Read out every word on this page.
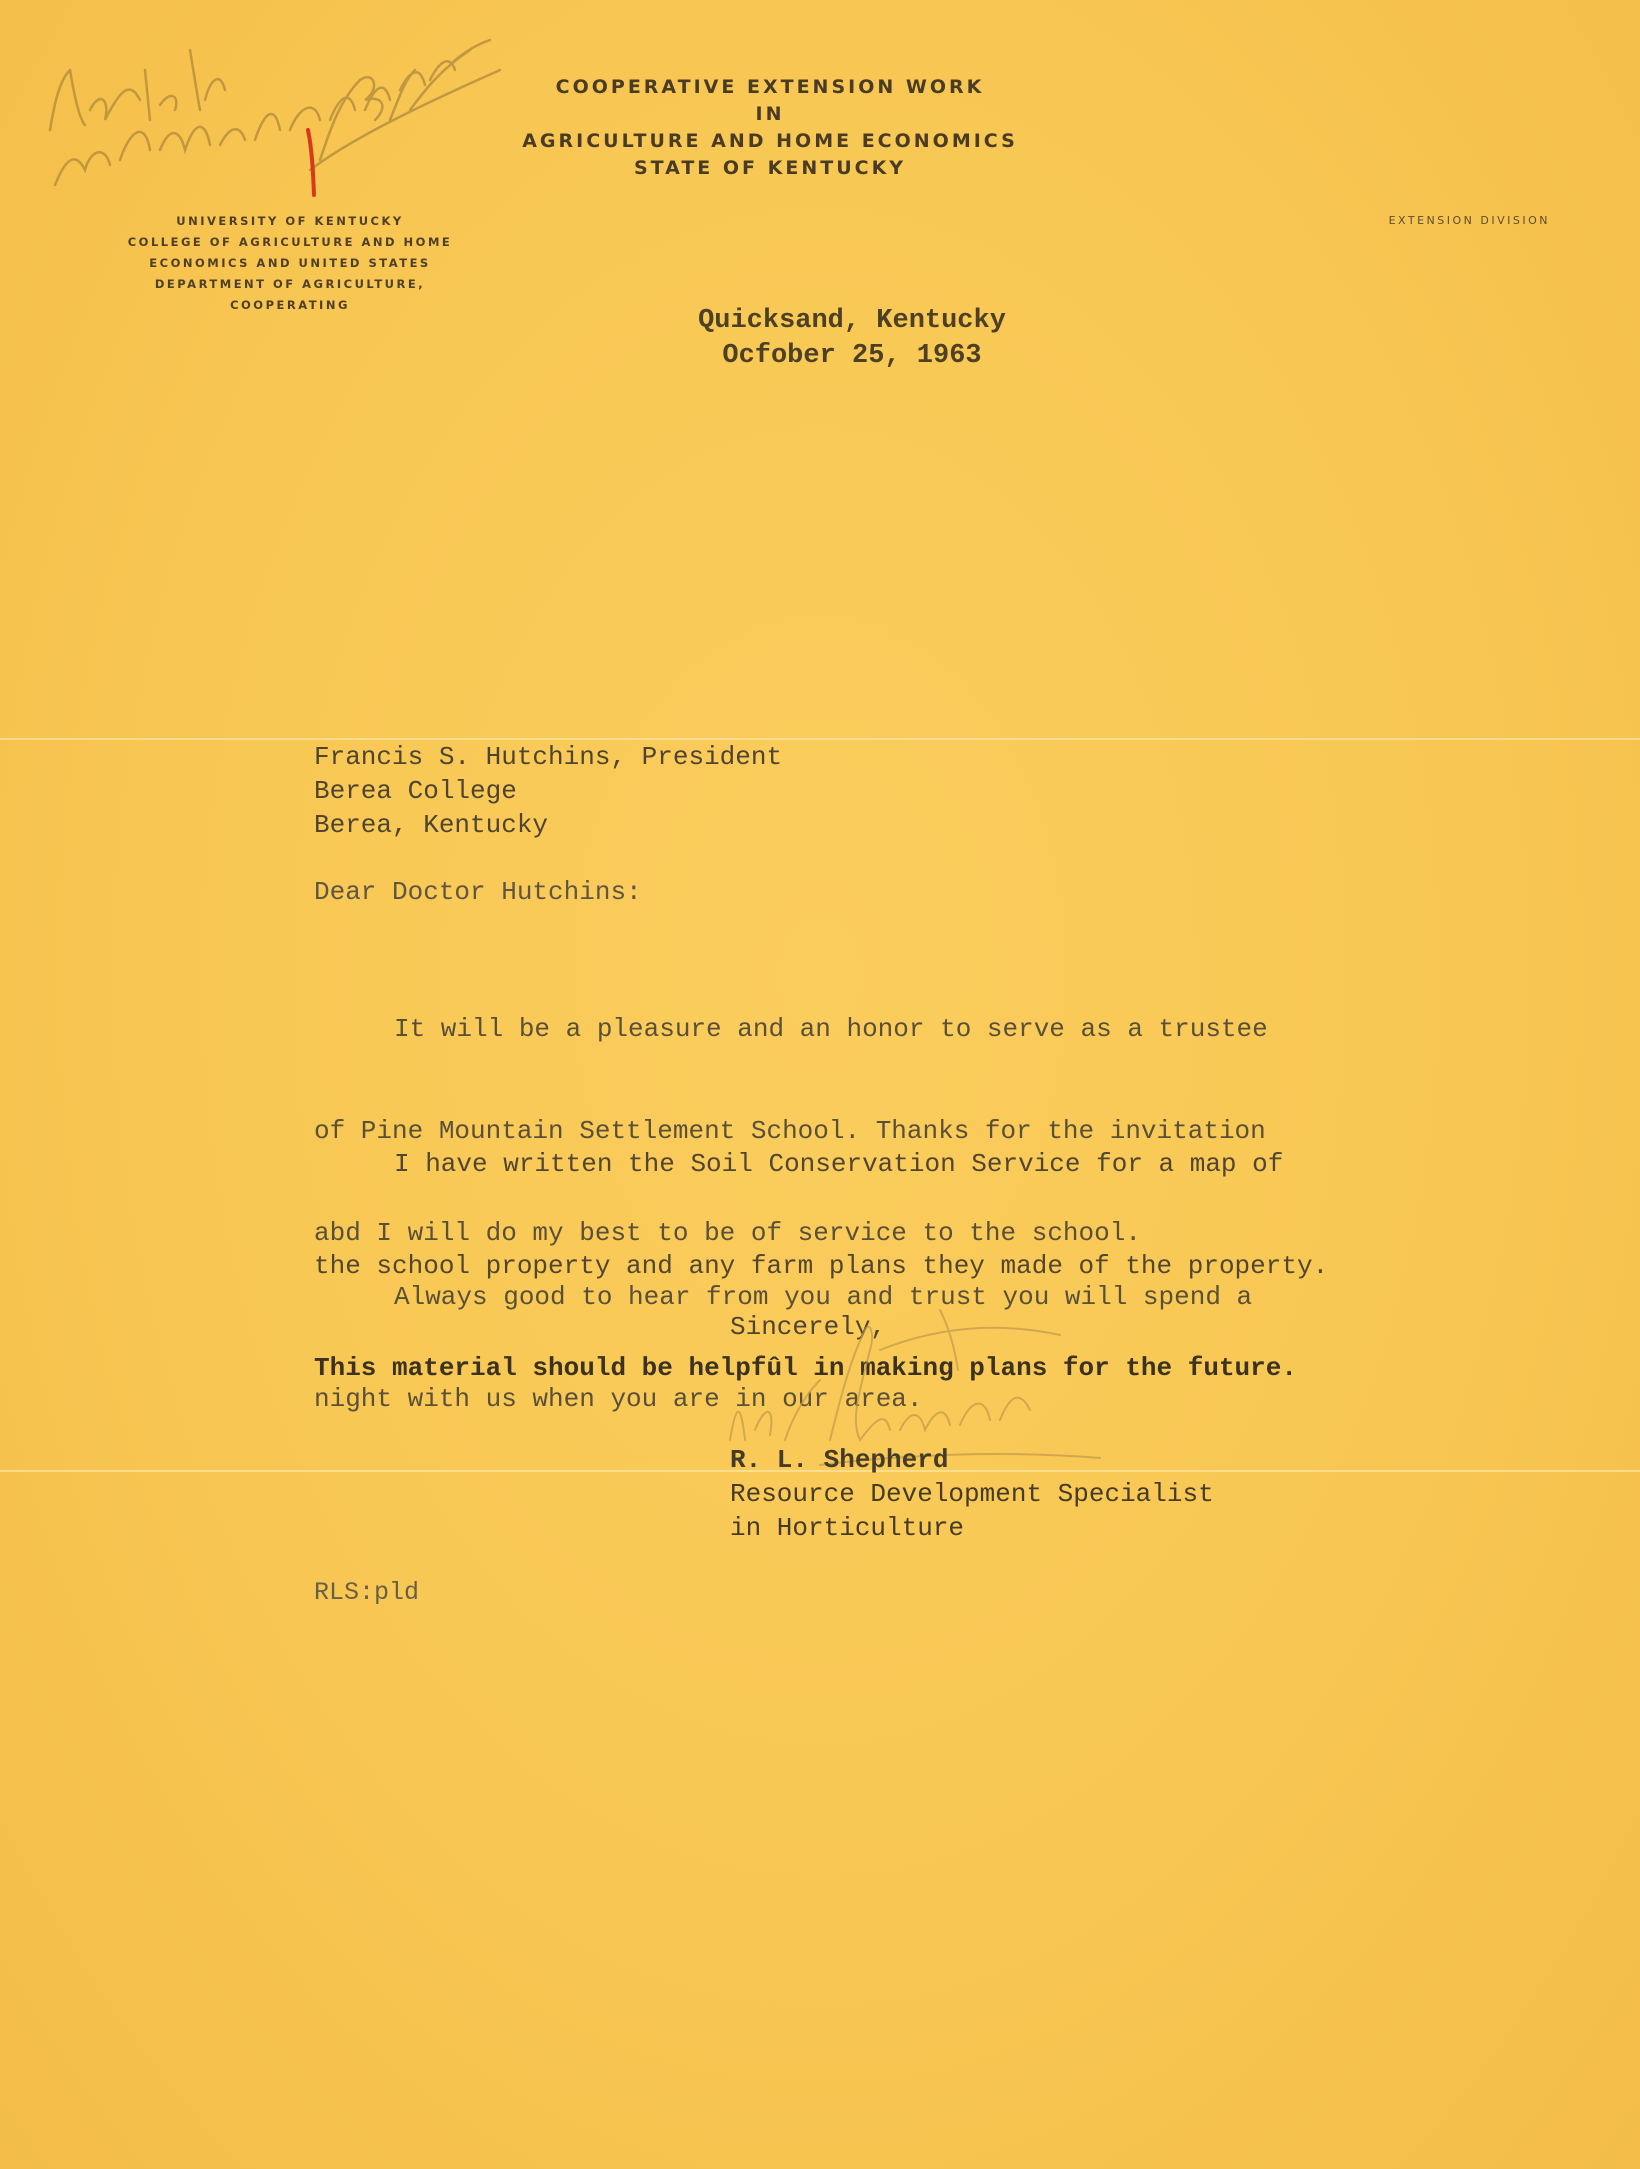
COOPERATIVE EXTENSION WORK
IN
AGRICULTURE AND HOME ECONOMICS
STATE OF KENTUCKY
UNIVERSITY OF KENTUCKY
COLLEGE OF AGRICULTURE AND HOME
ECONOMICS AND UNITED STATES
DEPARTMENT OF AGRICULTURE,
COOPERATING
EXTENSION DIVISION
Quicksand, Kentucky
Ocfober 25, 1963
Francis S. Hutchins, President
Berea College
Berea, Kentucky
Dear Doctor Hutchins:

It will be a pleasure and an honor to serve as a trustee

of Pine Mountain Settlement School. Thanks for the invitation

abd I will do my best to be of service to the school.

I have written the Soil Conservation Service for a map of

the school property and any farm plans they made of the property.

This material should be helpfûl in making plans for the future.

Always good to hear from you and trust you will spend a

night with us when you are in our area.

Sincerely,
R. L. Shepherd
Resource Development Specialist
in Horticulture
RLS:pld
